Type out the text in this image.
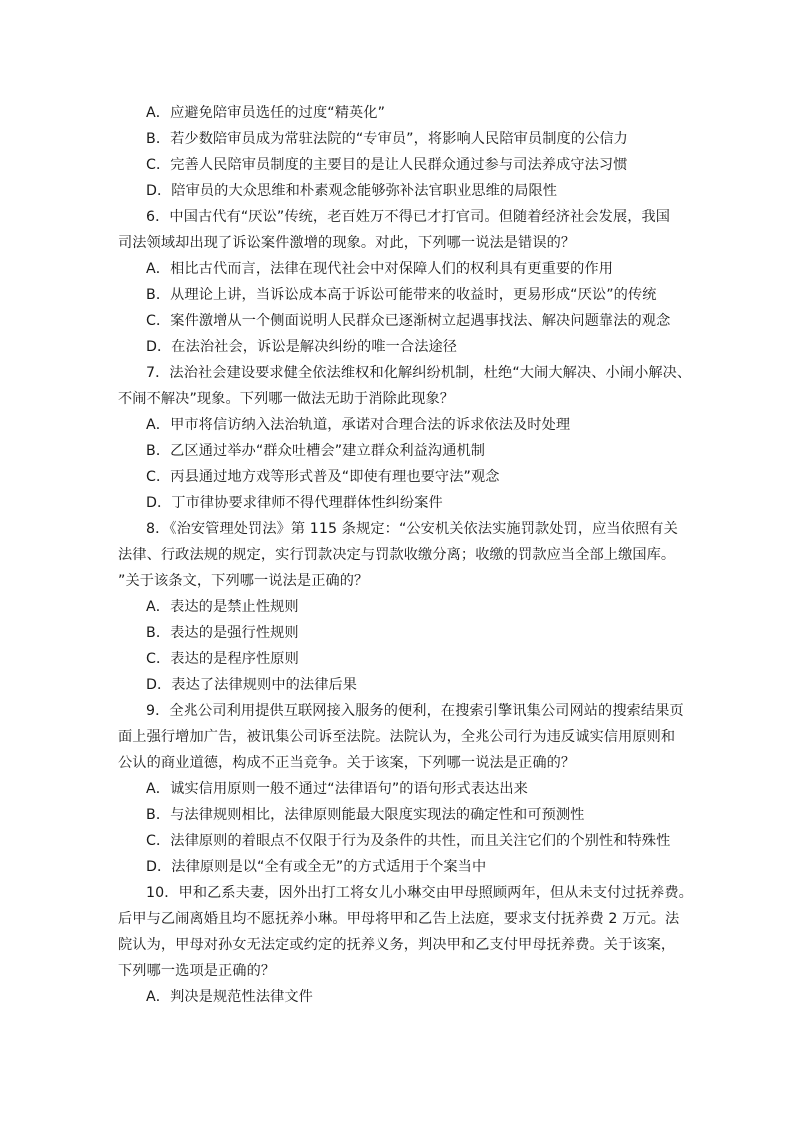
A．应避免陪审员选任的过度“精英化”
B．若少数陪审员成为常驻法院的“专审员”，将影响人民陪审员制度的公信力
C．完善人民陪审员制度的主要目的是让人民群众通过参与司法养成守法习惯
D．陪审员的大众思维和朴素观念能够弥补法官职业思维的局限性
6．中国古代有“厌讼”传统，老百姓万不得已才打官司。但随着经济社会发展，我国
司法领域却出现了诉讼案件激增的现象。对此，下列哪一说法是错误的？
A．相比古代而言，法律在现代社会中对保障人们的权利具有更重要的作用
B．从理论上讲，当诉讼成本高于诉讼可能带来的收益时，更易形成“厌讼”的传统
C．案件激增从一个侧面说明人民群众已逐渐树立起遇事找法、解决问题靠法的观念
D．在法治社会，诉讼是解决纠纷的唯一合法途径
7．法治社会建设要求健全依法维权和化解纠纷机制，杜绝“大闹大解决、小闹小解决、
不闹不解决”现象。下列哪一做法无助于消除此现象？
A．甲市将信访纳入法治轨道，承诺对合理合法的诉求依法及时处理
B．乙区通过举办“群众吐槽会”建立群众利益沟通机制
C．丙县通过地方戏等形式普及“即使有理也要守法”观念
D．丁市律协要求律师不得代理群体性纠纷案件
8．《治安管理处罚法》第 115 条规定：“公安机关依法实施罚款处罚，应当依照有关
法律、行政法规的规定，实行罚款决定与罚款收缴分离；收缴的罚款应当全部上缴国库。
”关于该条文，下列哪一说法是正确的？
A．表达的是禁止性规则
B．表达的是强行性规则
C．表达的是程序性原则
D．表达了法律规则中的法律后果
9．全兆公司利用提供互联网接入服务的便利，在搜索引擎讯集公司网站的搜索结果页
面上强行增加广告，被讯集公司诉至法院。法院认为，全兆公司行为违反诚实信用原则和
公认的商业道德，构成不正当竞争。关于该案，下列哪一说法是正确的？
A．诚实信用原则一般不通过“法律语句”的语句形式表达出来
B．与法律规则相比，法律原则能最大限度实现法的确定性和可预测性
C．法律原则的着眼点不仅限于行为及条件的共性，而且关注它们的个别性和特殊性
D．法律原则是以“全有或全无”的方式适用于个案当中
10．甲和乙系夫妻，因外出打工将女儿小琳交由甲母照顾两年，但从未支付过抚养费。
后甲与乙闹离婚且均不愿抚养小琳。甲母将甲和乙告上法庭，要求支付抚养费 2 万元。法
院认为，甲母对孙女无法定或约定的抚养义务，判决甲和乙支付甲母抚养费。关于该案，
下列哪一选项是正确的？
A．判决是规范性法律文件
